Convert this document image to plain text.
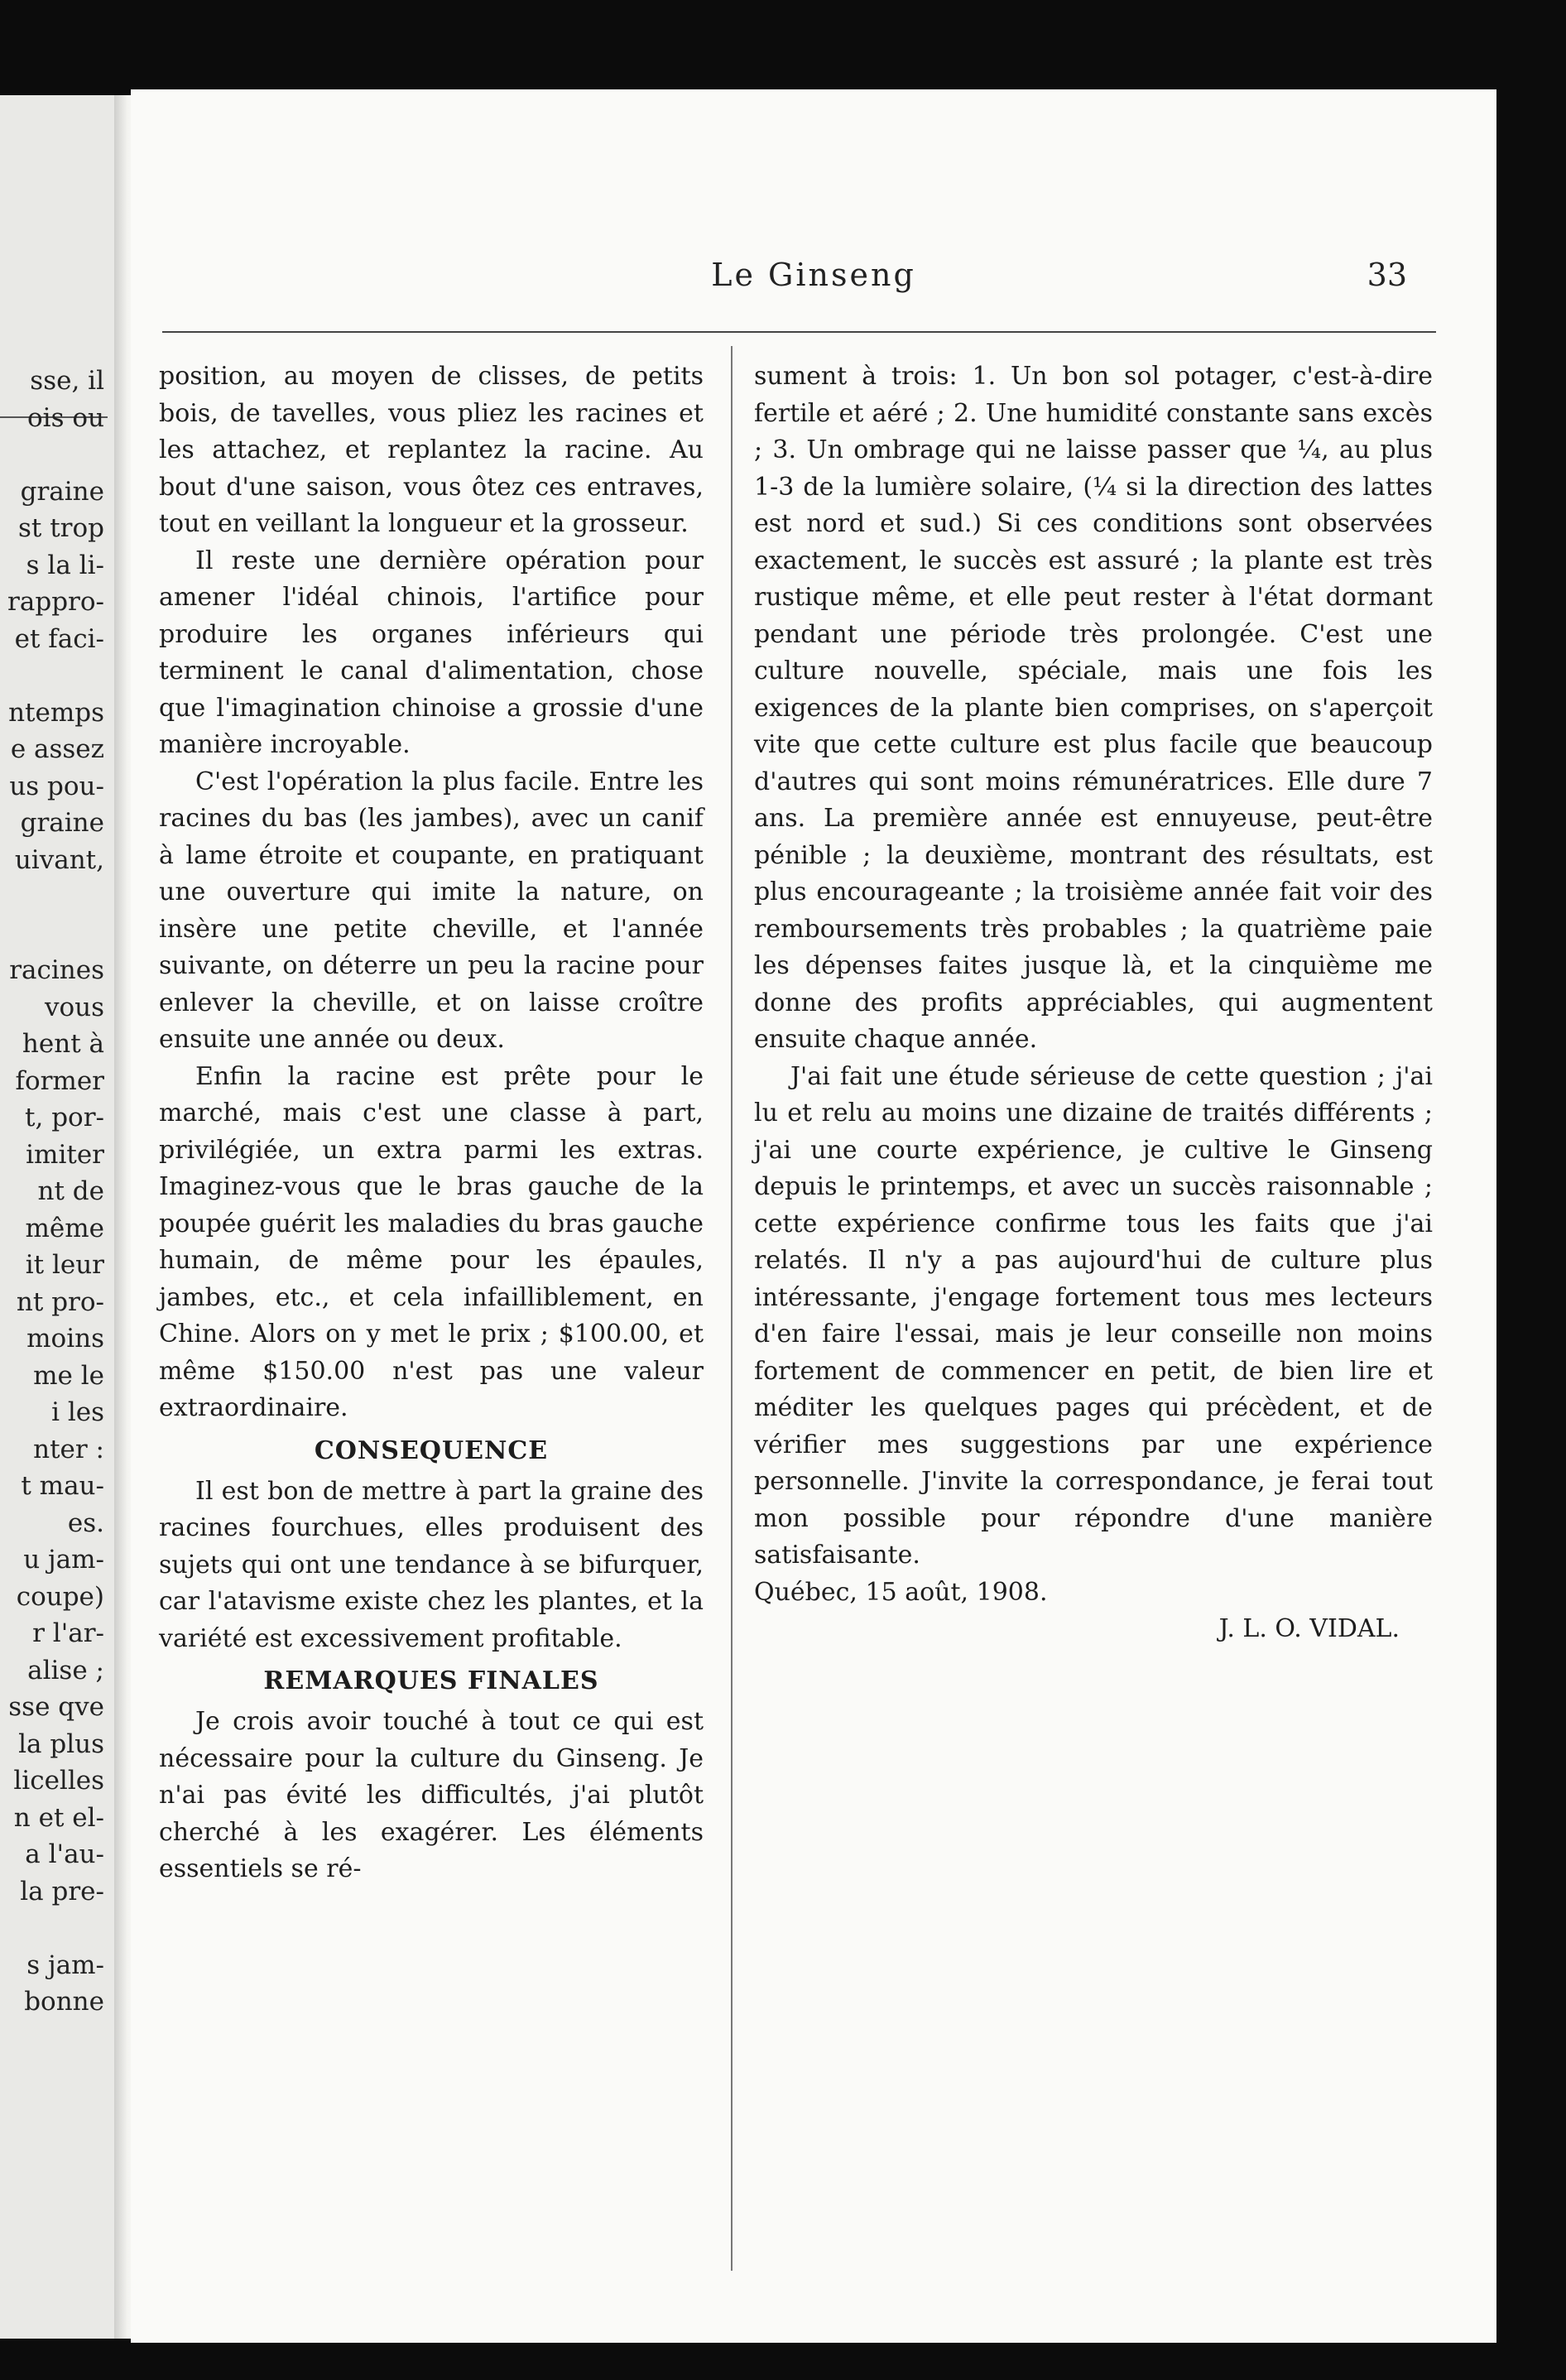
sse, il
ois ou
graine
st trop
s la li-
rappro-
et faci-
ntemps
e assez
us pou-
graine
uivant,
racines
vous
hent à
former
t, por-
imiter
nt de
même
it leur
nt pro-
moins
me le
i les
nter :
t mau-
es.
u jam-
coupe)
r l'ar-
alise ;
sse qve
la plus
licelles
n et el-
a l'au-
la pre-
s jam-
bonne
Le Ginseng	33

position, au moyen de clisses, de petits bois, de tavelles, vous pliez les racines et les attachez, et replantez la racine. Au bout d'une saison, vous ôtez ces entraves, tout en veillant la longueur et la grosseur.

Il reste une dernière opération pour amener l'idéal chinois, l'artifice pour produire les organes inférieurs qui terminent le canal d'alimentation, chose que l'imagination chinoise a grossie d'une manière incroyable.

C'est l'opération la plus facile. Entre les racines du bas (les jambes), avec un canif à lame étroite et coupante, en pratiquant une ouverture qui imite la nature, on insère une petite cheville, et l'année suivante, on déterre un peu la racine pour enlever la cheville, et on laisse croître ensuite une année ou deux.

Enfin la racine est prête pour le marché, mais c'est une classe à part, privilégiée, un extra parmi les extras. Imaginez-vous que le bras gauche de la poupée guérit les maladies du bras gauche humain, de même pour les épaules, jambes, etc., et cela infailliblement, en Chine. Alors on y met le prix ; $100.00, et même $150.00 n'est pas une valeur extraordinaire.

CONSEQUENCE

Il est bon de mettre à part la graine des racines fourchues, elles produisent des sujets qui ont une tendance à se bifurquer, car l'atavisme existe chez les plantes, et la variété est excessivement profitable.

REMARQUES FINALES

Je crois avoir touché à tout ce qui est nécessaire pour la culture du Ginseng. Je n'ai pas évité les difficultés, j'ai plutôt cherché à les exagérer. Les éléments essentiels se ré-

sument à trois: 1. Un bon sol potager, c'est-à-dire fertile et aéré ; 2. Une humidité constante sans excès ; 3. Un ombrage qui ne laisse passer que ¼, au plus 1-3 de la lumière solaire, (¼ si la direction des lattes est nord et sud.) Si ces conditions sont observées exactement, le succès est assuré ; la plante est très rustique même, et elle peut rester à l'état dormant pendant une période très prolongée. C'est une culture nouvelle, spéciale, mais une fois les exigences de la plante bien comprises, on s'aperçoit vite que cette culture est plus facile que beaucoup d'autres qui sont moins rémunératrices. Elle dure 7 ans. La première année est ennuyeuse, peut-être pénible ; la deuxième, montrant des résultats, est plus encourageante ; la troisième année fait voir des remboursements très probables ; la quatrième paie les dépenses faites jusque là, et la cinquième me donne des profits appréciables, qui augmentent ensuite chaque année.

J'ai fait une étude sérieuse de cette question ; j'ai lu et relu au moins une dizaine de traités différents ; j'ai une courte expérience, je cultive le Ginseng depuis le printemps, et avec un succès raisonnable ; cette expérience confirme tous les faits que j'ai relatés. Il n'y a pas aujourd'hui de culture plus intéressante, j'engage fortement tous mes lecteurs d'en faire l'essai, mais je leur conseille non moins fortement de commencer en petit, de bien lire et méditer les quelques pages qui précèdent, et de vérifier mes suggestions par une expérience personnelle. J'invite la correspondance, je ferai tout mon possible pour répondre d'une manière satisfaisante.

Québec, 15 août, 1908.

J. L. O. VIDAL.
